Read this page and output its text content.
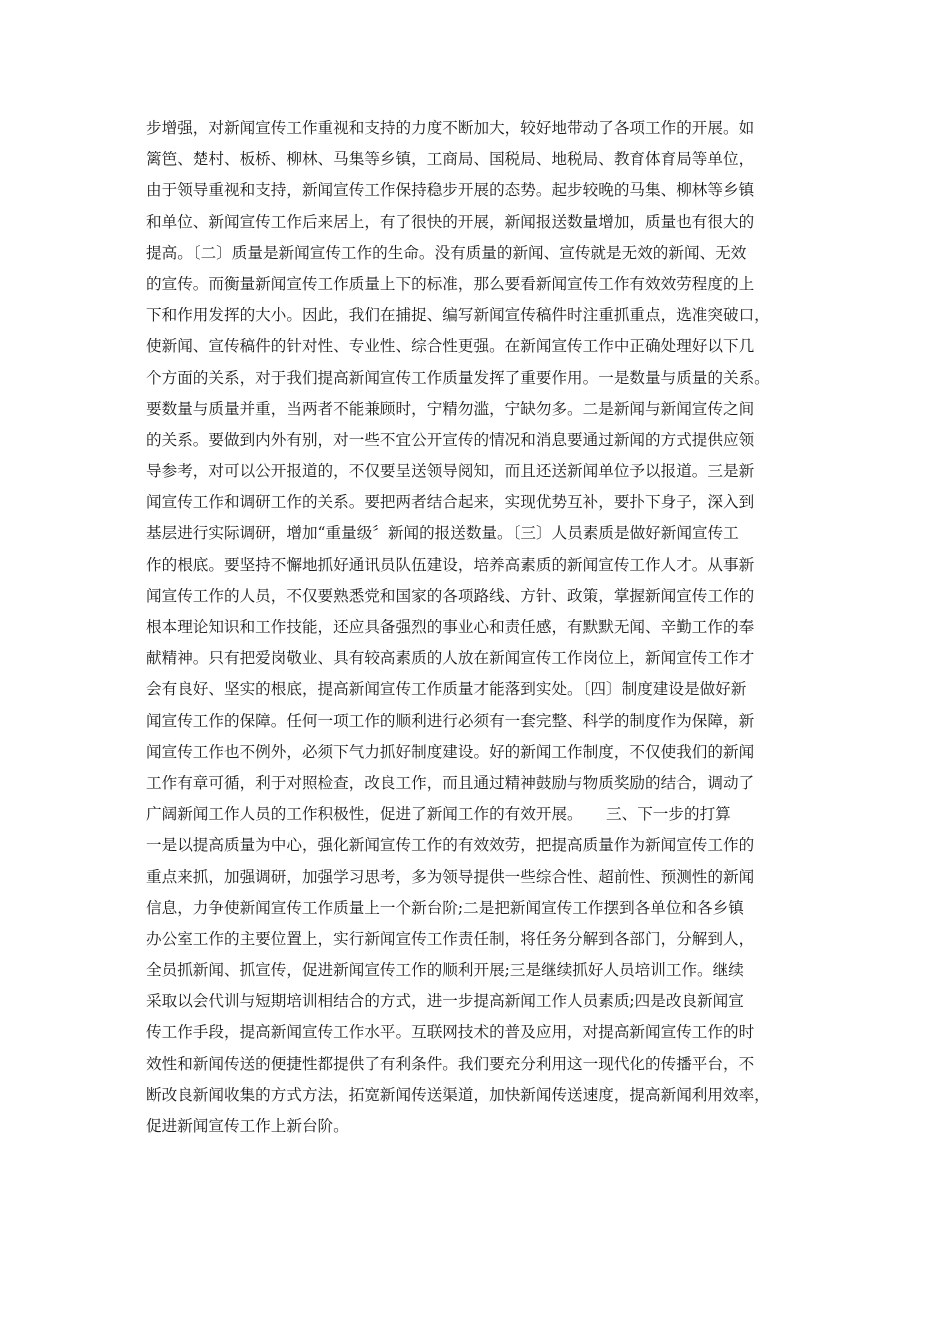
步增强，对新闻宣传工作重视和支持的力度不断加大，较好地带动了各项工作的开展。如
篱笆、楚村、板桥、柳林、马集等乡镇，工商局、国税局、地税局、教育体育局等单位，
由于领导重视和支持，新闻宣传工作保持稳步开展的态势。起步较晚的马集、柳林等乡镇
和单位、新闻宣传工作后来居上，有了很快的开展，新闻报送数量增加，质量也有很大的
提高。〔二〕质量是新闻宣传工作的生命。没有质量的新闻、宣传就是无效的新闻、无效
的宣传。而衡量新闻宣传工作质量上下的标准，那么要看新闻宣传工作有效效劳程度的上
下和作用发挥的大小。因此，我们在捕捉、编写新闻宣传稿件时注重抓重点，选准突破口，
使新闻、宣传稿件的针对性、专业性、综合性更强。在新闻宣传工作中正确处理好以下几
个方面的关系，对于我们提高新闻宣传工作质量发挥了重要作用。一是数量与质量的关系。
要数量与质量并重，当两者不能兼顾时，宁精勿滥，宁缺勿多。二是新闻与新闻宣传之间
的关系。要做到内外有别，对一些不宜公开宣传的情况和消息要通过新闻的方式提供应领
导参考，对可以公开报道的，不仅要呈送领导阅知，而且还送新闻单位予以报道。三是新
闻宣传工作和调研工作的关系。要把两者结合起来，实现优势互补，要扑下身子，深入到
基层进行实际调研，增加“重量级〞新闻的报送数量。〔三〕人员素质是做好新闻宣传工
作的根底。要坚持不懈地抓好通讯员队伍建设，培养高素质的新闻宣传工作人才。从事新
闻宣传工作的人员，不仅要熟悉党和国家的各项路线、方针、政策，掌握新闻宣传工作的
根本理论知识和工作技能，还应具备强烈的事业心和责任感，有默默无闻、辛勤工作的奉
献精神。只有把爱岗敬业、具有较高素质的人放在新闻宣传工作岗位上，新闻宣传工作才
会有良好、坚实的根底，提高新闻宣传工作质量才能落到实处。〔四〕制度建设是做好新
闻宣传工作的保障。任何一项工作的顺利进行必须有一套完整、科学的制度作为保障，新
闻宣传工作也不例外，必须下气力抓好制度建设。好的新闻工作制度，不仅使我们的新闻
工作有章可循，利于对照检查，改良工作，而且通过精神鼓励与物质奖励的结合，调动了
广阔新闻工作人员的工作积极性，促进了新闻工作的有效开展。　　三、下一步的打算
一是以提高质量为中心，强化新闻宣传工作的有效效劳，把提高质量作为新闻宣传工作的
重点来抓，加强调研，加强学习思考，多为领导提供一些综合性、超前性、预测性的新闻
信息，力争使新闻宣传工作质量上一个新台阶;二是把新闻宣传工作摆到各单位和各乡镇
办公室工作的主要位置上，实行新闻宣传工作责任制，将任务分解到各部门，分解到人，
全员抓新闻、抓宣传，促进新闻宣传工作的顺利开展;三是继续抓好人员培训工作。继续
采取以会代训与短期培训相结合的方式，进一步提高新闻工作人员素质;四是改良新闻宣
传工作手段，提高新闻宣传工作水平。互联网技术的普及应用，对提高新闻宣传工作的时
效性和新闻传送的便捷性都提供了有利条件。我们要充分利用这一现代化的传播平台，不
断改良新闻收集的方式方法，拓宽新闻传送渠道，加快新闻传送速度，提高新闻利用效率，
促进新闻宣传工作上新台阶。
